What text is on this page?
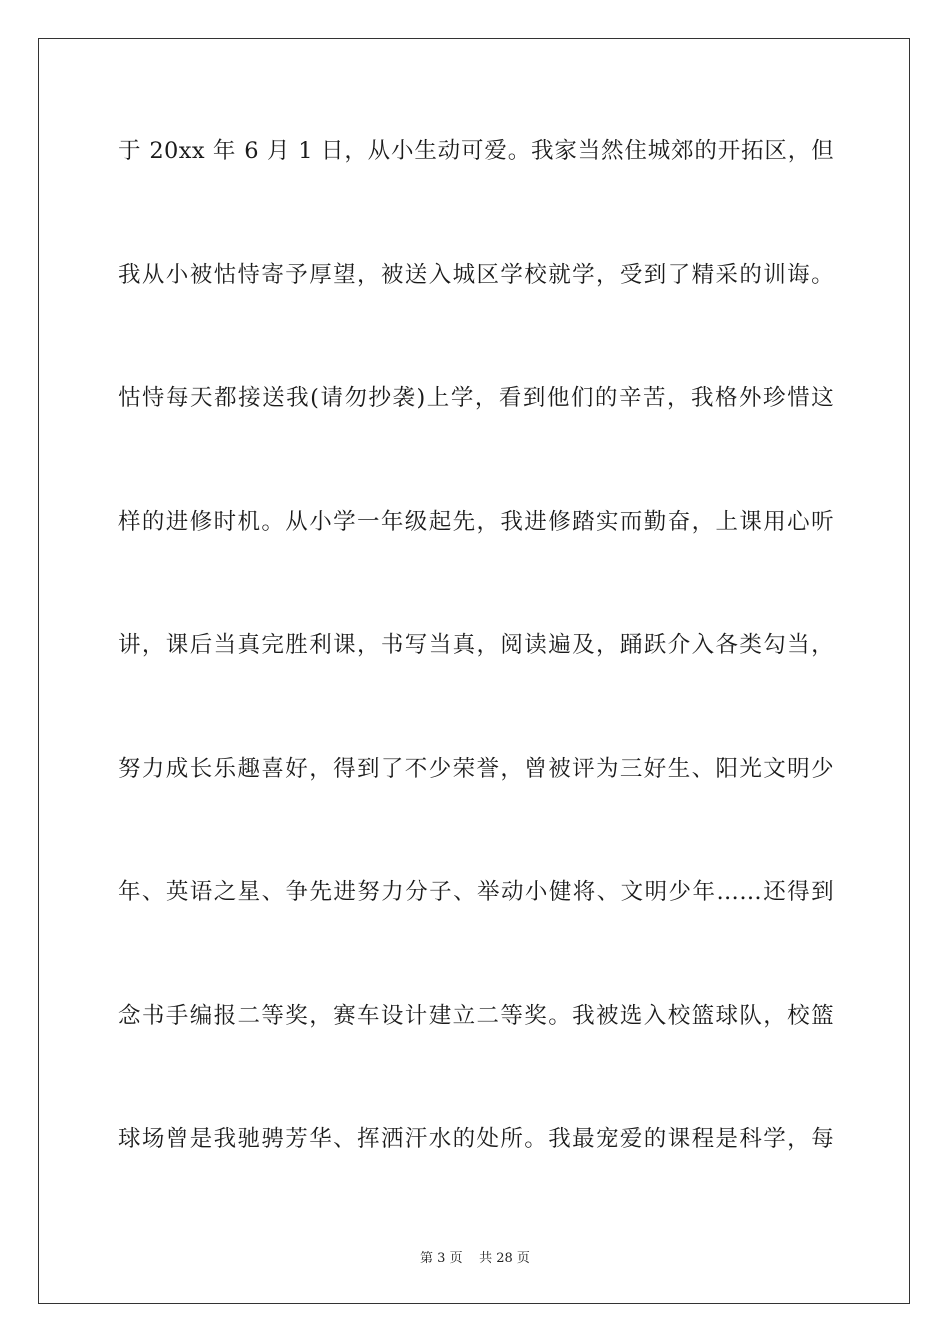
于 20xx 年 6 月 1 日，从小生动可爱。我家当然住城郊的开拓区，但
我从小被怙恃寄予厚望，被送入城区学校就学，受到了精采的训诲。
怙恃每天都接送我(请勿抄袭)上学，看到他们的辛苦，我格外珍惜这
样的进修时机。从小学一年级起先，我进修踏实而勤奋，上课用心听
讲，课后当真完胜利课，书写当真，阅读遍及，踊跃介入各类勾当，
努力成长乐趣喜好，得到了不少荣誉，曾被评为三好生、阳光文明少
年、英语之星、争先进努力分子、举动小健将、文明少年……还得到
念书手编报二等奖，赛车设计建立二等奖。我被选入校篮球队，校篮
球场曾是我驰骋芳华、挥洒汗水的处所。我最宠爱的课程是科学，每
第 3 页 共 28 页
